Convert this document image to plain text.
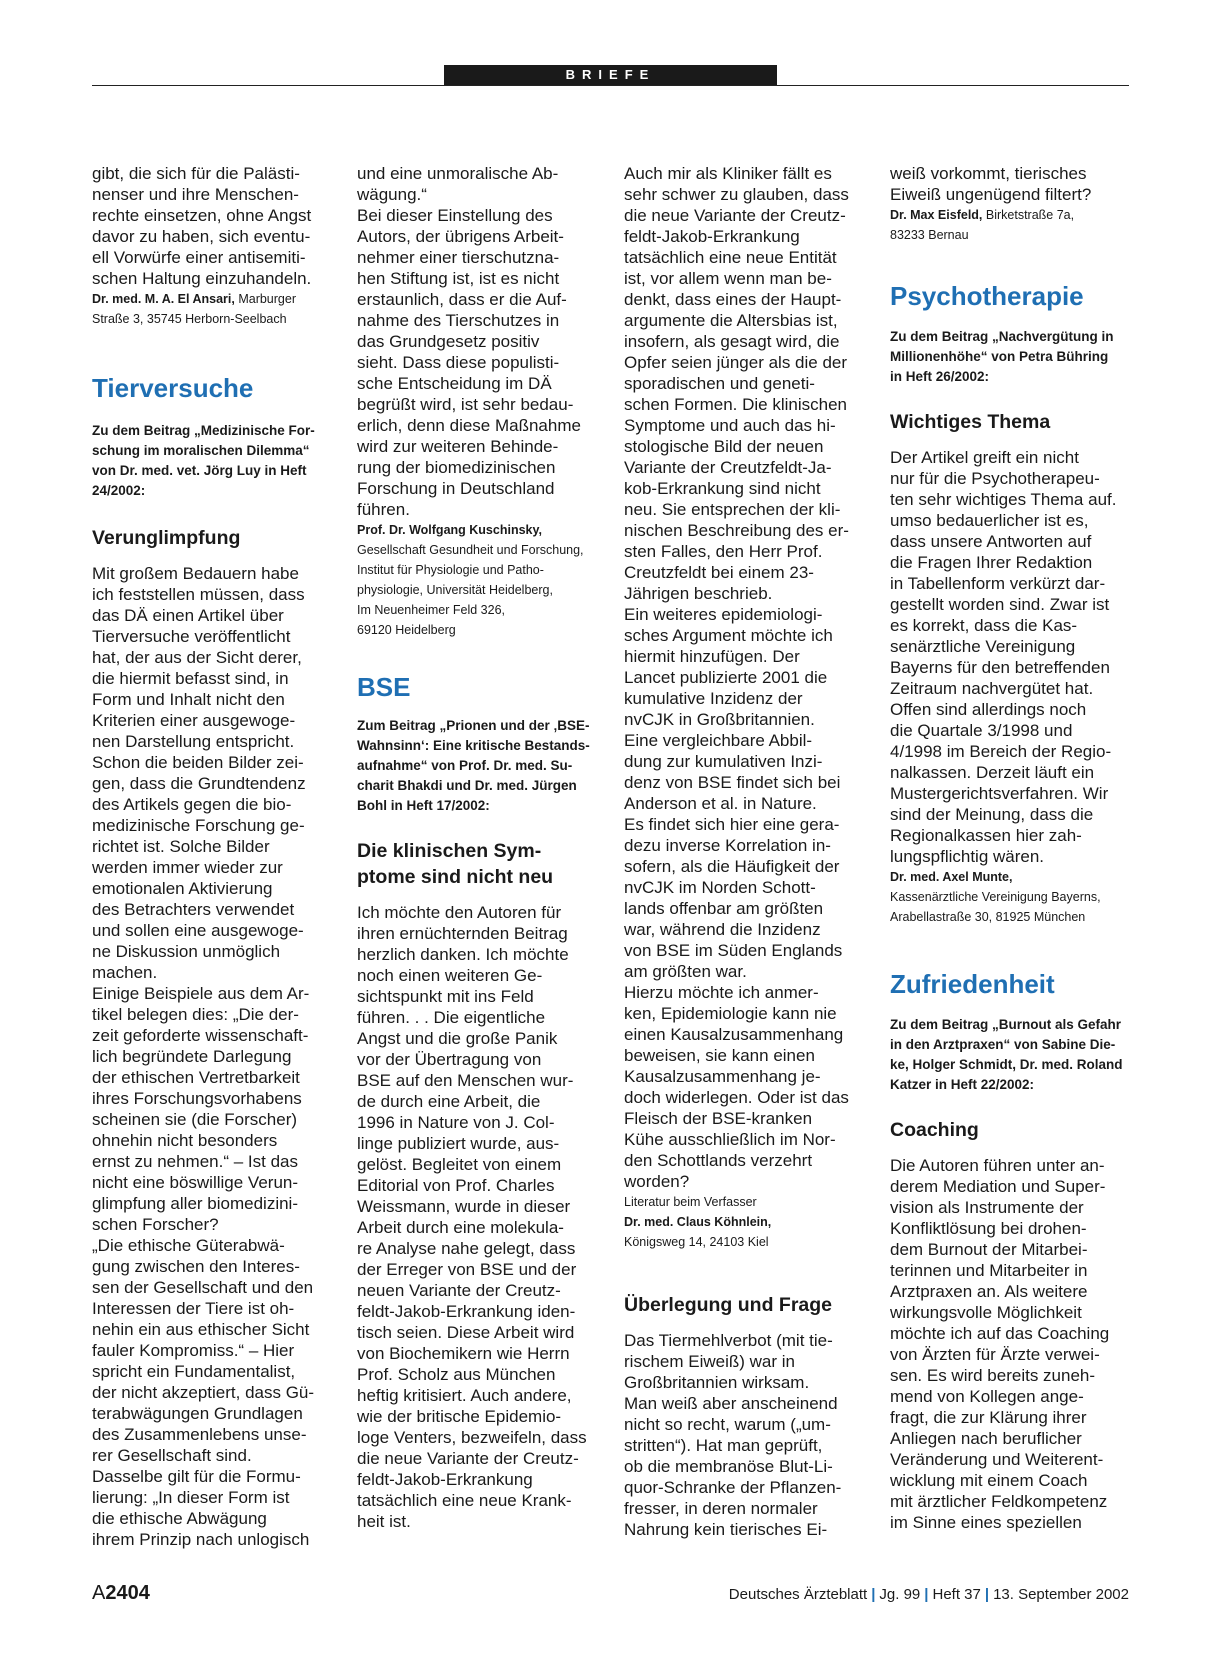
BRIEFE

gibt, die sich für die Palästi-
nenser und ihre Menschen-
rechte einsetzen, ohne Angst
davor zu haben, sich eventu-
ell Vorwürfe einer antisemiti-
schen Haltung einzuhandeln.

Dr. med. M. A. El Ansari, Marburger
Straße 3, 35745 Herborn-Seelbach

Tierversuche

Zu dem Beitrag „Medizinische For-
schung im moralischen Dilemma“
von Dr. med. vet. Jörg Luy in Heft
24/2002:

Verunglimpfung

Mit großem Bedauern habe
ich feststellen müssen, dass
das DÄ einen Artikel über
Tierversuche veröffentlicht
hat, der aus der Sicht derer,
die hiermit befasst sind, in
Form und Inhalt nicht den
Kriterien einer ausgewoge-
nen Darstellung entspricht.
Schon die beiden Bilder zei-
gen, dass die Grundtendenz
des Artikels gegen die bio-
medizinische Forschung ge-
richtet ist. Solche Bilder
werden immer wieder zur
emotionalen Aktivierung
des Betrachters verwendet
und sollen eine ausgewoge-
ne Diskussion unmöglich
machen.
Einige Beispiele aus dem Ar-
tikel belegen dies: „Die der-
zeit geforderte wissenschaft-
lich begründete Darlegung
der ethischen Vertretbarkeit
ihres Forschungsvorhabens
scheinen sie (die Forscher)
ohnehin nicht besonders
ernst zu nehmen.“ – Ist das
nicht eine böswillige Verun-
glimpfung aller biomedizini-
schen Forscher?
„Die ethische Güterabwä-
gung zwischen den Interes-
sen der Gesellschaft und den
Interessen der Tiere ist oh-
nehin ein aus ethischer Sicht
fauler Kompromiss.“ – Hier
spricht ein Fundamentalist,
der nicht akzeptiert, dass Gü-
terabwägungen Grundlagen
des Zusammenlebens unse-
rer Gesellschaft sind.
Dasselbe gilt für die Formu-
lierung: „In dieser Form ist
die ethische Abwägung
ihrem Prinzip nach unlogisch

und eine unmoralische Ab-
wägung.“
Bei dieser Einstellung des
Autors, der übrigens Arbeit-
nehmer einer tierschutzna-
hen Stiftung ist, ist es nicht
erstaunlich, dass er die Auf-
nahme des Tierschutzes in
das Grundgesetz positiv
sieht. Dass diese populisti-
sche Entscheidung im DÄ
begrüßt wird, ist sehr bedau-
erlich, denn diese Maßnahme
wird zur weiteren Behinde-
rung der biomedizinischen
Forschung in Deutschland
führen.

Prof. Dr. Wolfgang Kuschinsky,
Gesellschaft Gesundheit und Forschung,
Institut für Physiologie und Patho-
physiologie, Universität Heidelberg,
Im Neuenheimer Feld 326,
69120 Heidelberg

BSE

Zum Beitrag „Prionen und der ‚BSE-
Wahnsinn‘: Eine kritische Bestands-
aufnahme“ von Prof. Dr. med. Su-
charit Bhakdi und Dr. med. Jürgen
Bohl in Heft 17/2002:

Die klinischen Sym-
ptome sind nicht neu

Ich möchte den Autoren für
ihren ernüchternden Beitrag
herzlich danken. Ich möchte
noch einen weiteren Ge-
sichtspunkt mit ins Feld
führen. . . Die eigentliche
Angst und die große Panik
vor der Übertragung von
BSE auf den Menschen wur-
de durch eine Arbeit, die
1996 in Nature von J. Col-
linge publiziert wurde, aus-
gelöst. Begleitet von einem
Editorial von Prof. Charles
Weissmann, wurde in dieser
Arbeit durch eine molekula-
re Analyse nahe gelegt, dass
der Erreger von BSE und der
neuen Variante der Creutz-
feldt-Jakob-Erkrankung iden-
tisch seien. Diese Arbeit wird
von Biochemikern wie Herrn
Prof. Scholz aus München
heftig kritisiert. Auch andere,
wie der britische Epidemio-
loge Venters, bezweifeln, dass
die neue Variante der Creutz-
feldt-Jakob-Erkrankung
tatsächlich eine neue Krank-
heit ist.

Auch mir als Kliniker fällt es
sehr schwer zu glauben, dass
die neue Variante der Creutz-
feldt-Jakob-Erkrankung
tatsächlich eine neue Entität
ist, vor allem wenn man be-
denkt, dass eines der Haupt-
argumente die Altersbias ist,
insofern, als gesagt wird, die
Opfer seien jünger als die der
sporadischen und geneti-
schen Formen. Die klinischen
Symptome und auch das hi-
stologische Bild der neuen
Variante der Creutzfeldt-Ja-
kob-Erkrankung sind nicht
neu. Sie entsprechen der kli-
nischen Beschreibung des er-
sten Falles, den Herr Prof.
Creutzfeldt bei einem 23-
Jährigen beschrieb.
Ein weiteres epidemiologi-
sches Argument möchte ich
hiermit hinzufügen. Der
Lancet publizierte 2001 die
kumulative Inzidenz der
nvCJK in Großbritannien.
Eine vergleichbare Abbil-
dung zur kumulativen Inzi-
denz von BSE findet sich bei
Anderson et al. in Nature.
Es findet sich hier eine gera-
dezu inverse Korrelation in-
sofern, als die Häufigkeit der
nvCJK im Norden Schott-
lands offenbar am größten
war, während die Inzidenz
von BSE im Süden Englands
am größten war.
Hierzu möchte ich anmer-
ken, Epidemiologie kann nie
einen Kausalzusammenhang
beweisen, sie kann einen
Kausalzusammenhang je-
doch widerlegen. Oder ist das
Fleisch der BSE-kranken
Kühe ausschließlich im Nor-
den Schottlands verzehrt
worden?

Literatur beim Verfasser

Dr. med. Claus Köhnlein,
Königsweg 14, 24103 Kiel

Überlegung und Frage

Das Tiermehlverbot (mit tie-
rischem Eiweiß) war in
Großbritannien wirksam.
Man weiß aber anscheinend
nicht so recht, warum („um-
stritten“). Hat man geprüft,
ob die membranöse Blut-Li-
quor-Schranke der Pflanzen-
fresser, in deren normaler
Nahrung kein tierisches Ei-

weiß vorkommt, tierisches
Eiweiß ungenügend filtert?

Dr. Max Eisfeld, Birketstraße 7a,
83233 Bernau

Psychotherapie

Zu dem Beitrag „Nachvergütung in
Millionenhöhe“ von Petra Bühring
in Heft 26/2002:

Wichtiges Thema

Der Artikel greift ein nicht
nur für die Psychotherapeu-
ten sehr wichtiges Thema auf.
umso bedauerlicher ist es,
dass unsere Antworten auf
die Fragen Ihrer Redaktion
in Tabellenform verkürzt dar-
gestellt worden sind. Zwar ist
es korrekt, dass die Kas-
senärztliche Vereinigung
Bayerns für den betreffenden
Zeitraum nachvergütet hat.
Offen sind allerdings noch
die Quartale 3/1998 und
4/1998 im Bereich der Regio-
nalkassen. Derzeit läuft ein
Mustergerichtsverfahren. Wir
sind der Meinung, dass die
Regionalkassen hier zah-
lungspflichtig wären.

Dr. med. Axel Munte,
Kassenärztliche Vereinigung Bayerns,
Arabellastraße 30, 81925 München

Zufriedenheit

Zu dem Beitrag „Burnout als Gefahr
in den Arztpraxen“ von Sabine Die-
ke, Holger Schmidt, Dr. med. Roland
Katzer in Heft 22/2002:

Coaching

Die Autoren führen unter an-
derem Mediation und Super-
vision als Instrumente der
Konfliktlösung bei drohen-
dem Burnout der Mitarbei-
terinnen und Mitarbeiter in
Arztpraxen an. Als weitere
wirkungsvolle Möglichkeit
möchte ich auf das Coaching
von Ärzten für Ärzte verwei-
sen. Es wird bereits zuneh-
mend von Kollegen ange-
fragt, die zur Klärung ihrer
Anliegen nach beruflicher
Veränderung und Weiterent-
wicklung mit einem Coach
mit ärztlicher Feldkompetenz
im Sinne eines speziellen

A2404	Deutsches Ärzteblatt | Jg. 99 | Heft 37 | 13. September 2002
